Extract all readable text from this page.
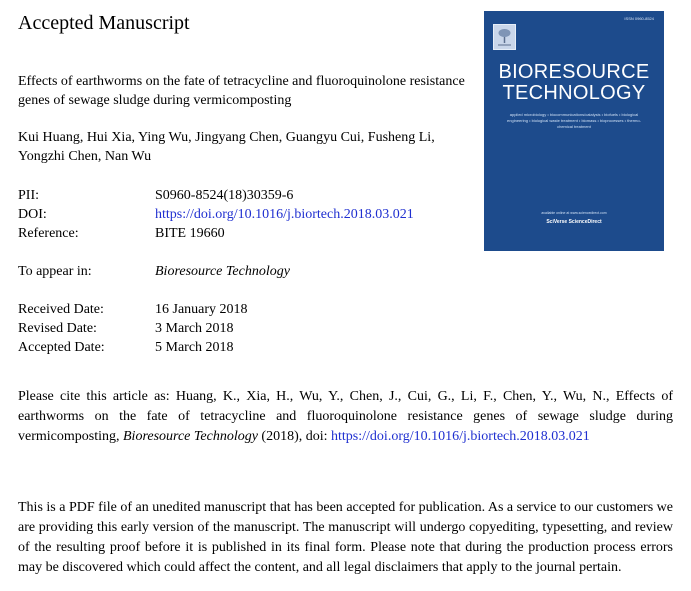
Accepted Manuscript
Effects of earthworms on the fate of tetracycline and fluoroquinolone resistance genes of sewage sludge during vermicomposting
Kui Huang, Hui Xia, Ying Wu, Jingyang Chen, Guangyu Cui, Fusheng Li, Yongzhi Chen, Nan Wu
PII:	S0960-8524(18)30359-6
DOI:	https://doi.org/10.1016/j.biortech.2018.03.021
Reference:	BITE 19660
To appear in:	Bioresource Technology
Received Date:	16 January 2018
Revised Date:	3 March 2018
Accepted Date:	5 March 2018
Please cite this article as: Huang, K., Xia, H., Wu, Y., Chen, J., Cui, G., Li, F., Chen, Y., Wu, N., Effects of earthworms on the fate of tetracycline and fluoroquinolone resistance genes of sewage sludge during vermicomposting, Bioresource Technology (2018), doi: https://doi.org/10.1016/j.biortech.2018.03.021
This is a PDF file of an unedited manuscript that has been accepted for publication. As a service to our customers we are providing this early version of the manuscript. The manuscript will undergo copyediting, typesetting, and review of the resulting proof before it is published in its final form. Please note that during the production process errors may be discovered which could affect the content, and all legal disclaimers that apply to the journal pertain.
ISSN 0960-8524
BIORESOURCE
TECHNOLOGY
applied microbiology • biocommunications/catalysis • biofuels • biological engineering • biological waste treatment • biomass • bioprocesses • thermo-chemical treatment
available online at www.sciencedirect.com
SciVerse ScienceDirect
